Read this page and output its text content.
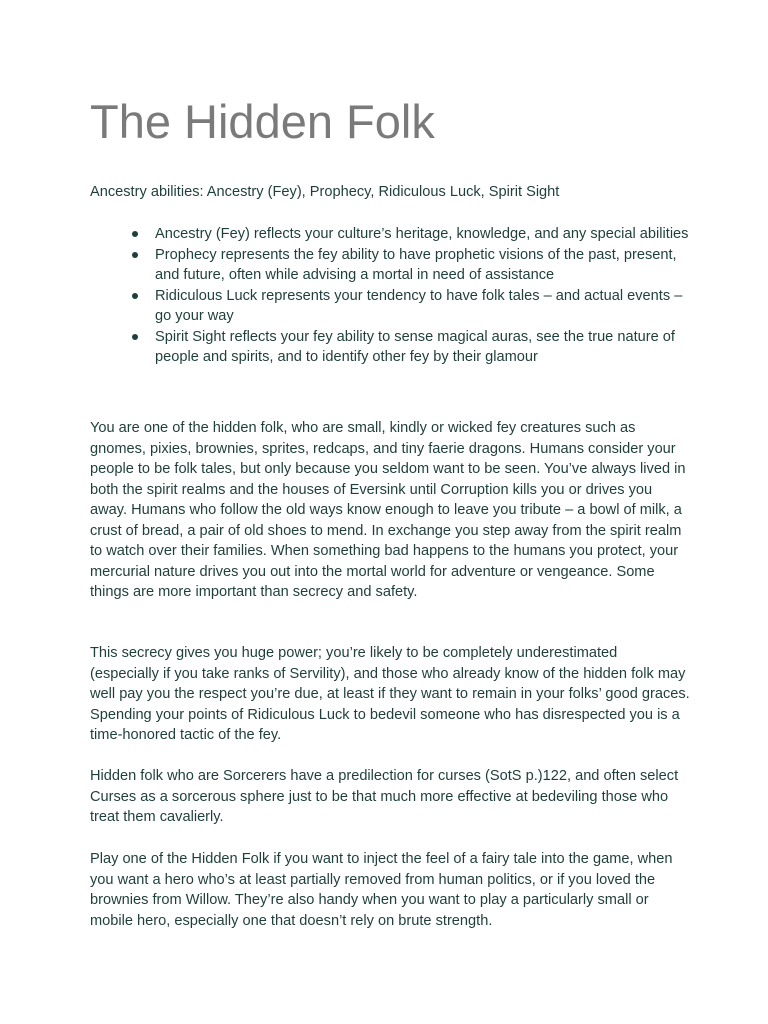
The Hidden Folk

Ancestry abilities: Ancestry (Fey), Prophecy, Ridiculous Luck, Spirit Sight

Ancestry (Fey) reflects your culture’s heritage, knowledge, and any special abilities
Prophecy represents the fey ability to have prophetic visions of the past, present, and future, often while advising a mortal in need of assistance
Ridiculous Luck represents your tendency to have folk tales – and actual events – go your way
Spirit Sight reflects your fey ability to sense magical auras, see the true nature of people and spirits, and to identify other fey by their glamour

You are one of the hidden folk, who are small, kindly or wicked fey creatures such as gnomes, pixies, brownies, sprites, redcaps, and tiny faerie dragons. Humans consider your people to be folk tales, but only because you seldom want to be seen. You’ve always lived in both the spirit realms and the houses of Eversink until Corruption kills you or drives you away. Humans who follow the old ways know enough to leave you tribute – a bowl of milk, a crust of bread, a pair of old shoes to mend. In exchange you step away from the spirit realm to watch over their families. When something bad happens to the humans you protect, your mercurial nature drives you out into the mortal world for adventure or vengeance. Some things are more important than secrecy and safety.

This secrecy gives you huge power; you’re likely to be completely underestimated (especially if you take ranks of Servility), and those who already know of the hidden folk may well pay you the respect you’re due, at least if they want to remain in your folks’ good graces. Spending your points of Ridiculous Luck to bedevil someone who has disrespected you is a time-honored tactic of the fey.

Hidden folk who are Sorcerers have a predilection for curses (SotS p.)122, and often select Curses as a sorcerous sphere just to be that much more effective at bedeviling those who treat them cavalierly.

Play one of the Hidden Folk if you want to inject the feel of a fairy tale into the game, when you want a hero who’s at least partially removed from human politics, or if you loved the brownies from Willow. They’re also handy when you want to play a particularly small or mobile hero, especially one that doesn’t rely on brute strength.
